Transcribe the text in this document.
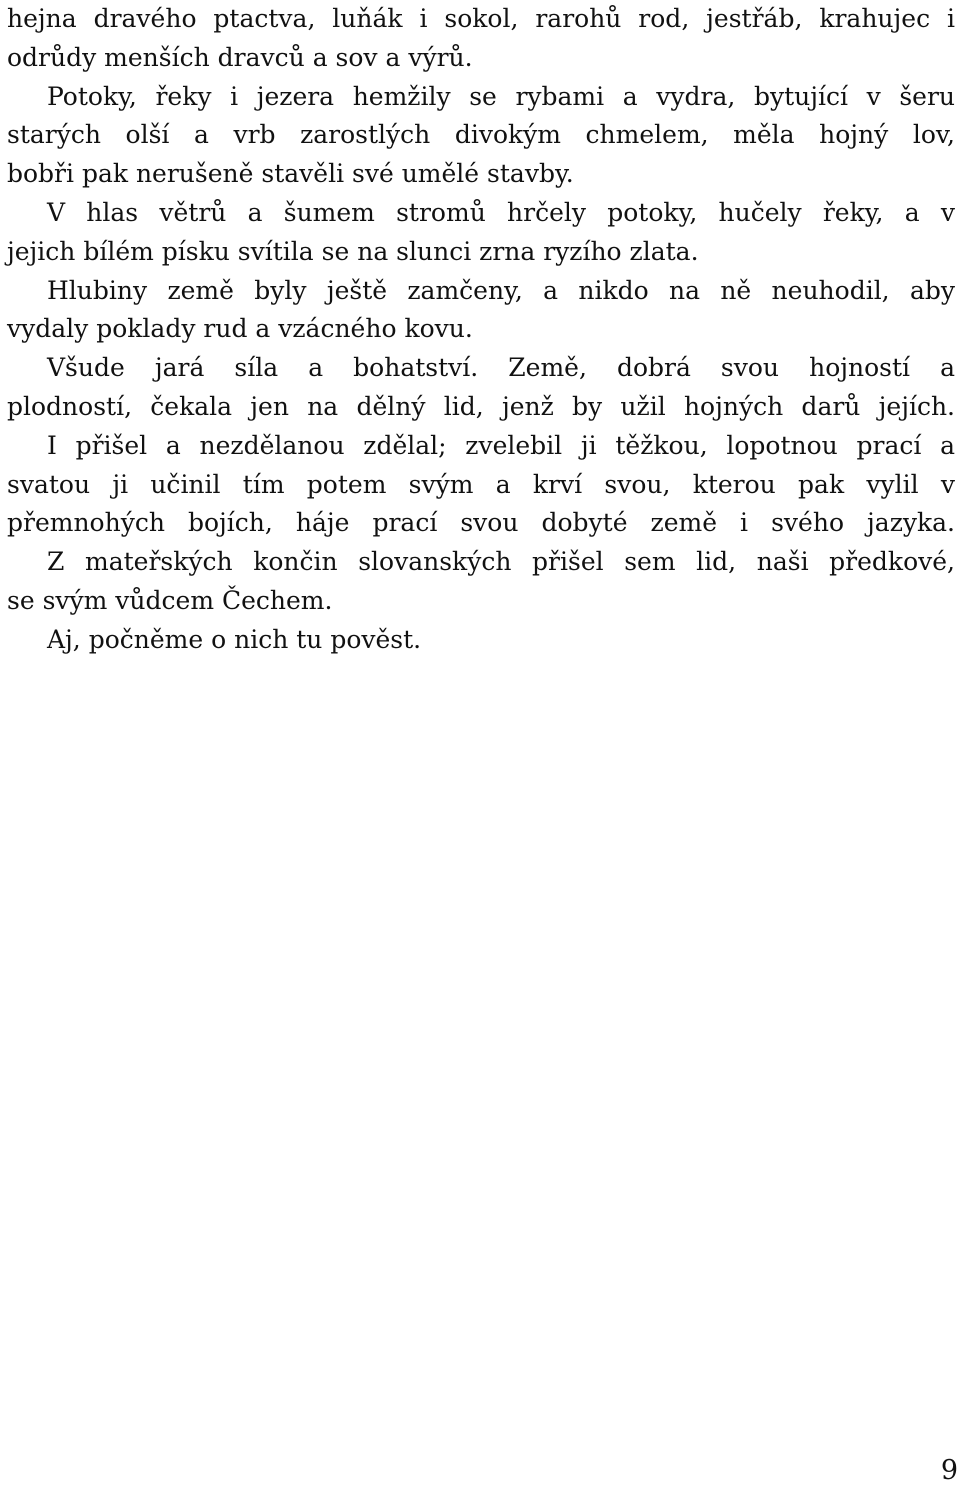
hejna dravého ptactva, luňák i sokol, rarohů rod, jestřáb, krahujec i
odrůdy menších dravců a sov a výrů.
Potoky, řeky i jezera hemžily se rybami a vydra, bytující v šeru
starých olší a vrb zarostlých divokým chmelem, měla hojný lov,
bobři pak nerušeně stavěli své umělé stavby.
V hlas větrů a šumem stromů hrčely potoky, hučely řeky, a v
jejich bílém písku svítila se na slunci zrna ryzího zlata.
Hlubiny země byly ještě zamčeny, a nikdo na ně neuhodil, aby
vydaly poklady rud a vzácného kovu.
Všude jará síla a bohatství. Země, dobrá svou hojností a
plodností, čekala jen na dělný lid, jenž by užil hojných darů jejích.
I přišel a nezdělanou zdělal; zvelebil ji těžkou, lopotnou prací a
svatou ji učinil tím potem svým a krví svou, kterou pak vylil v
přemnohých bojích, háje prací svou dobyté země i svého jazyka.
Z mateřských končin slovanských přišel sem lid, naši předkové,
se svým vůdcem Čechem.
Aj, počněme o nich tu pověst.
9
